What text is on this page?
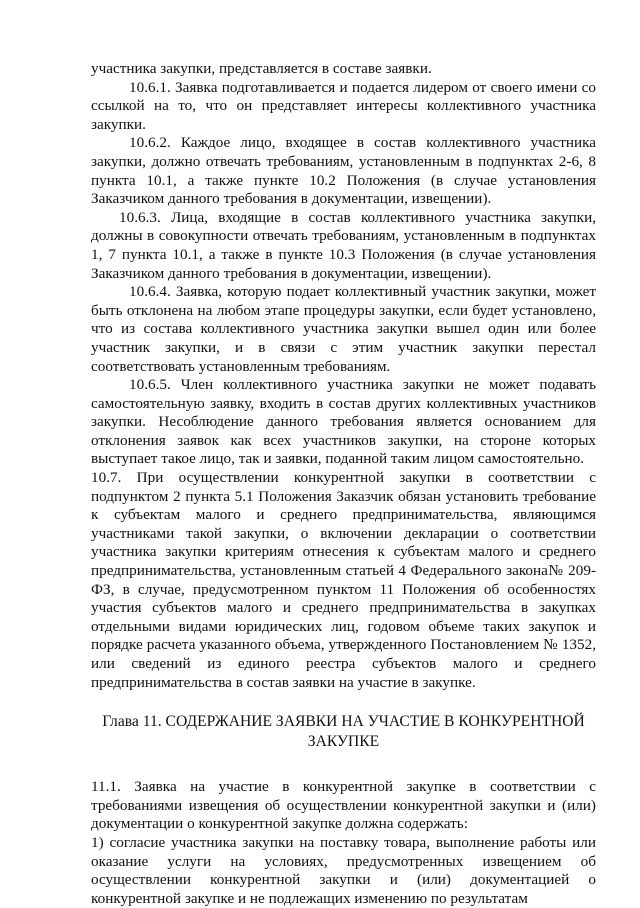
участника закупки, представляется в составе заявки.

10.6.1. Заявка подготавливается и подается лидером от своего имени со ссылкой на то, что он представляет интересы коллективного участника закупки.

10.6.2. Каждое лицо, входящее в состав коллективного участника закупки, должно отвечать требованиям, установленным в подпунктах 2-6, 8 пункта 10.1, а также пункте 10.2 Положения (в случае установления Заказчиком данного требования в документации, извещении).

10.6.3. Лица, входящие в состав коллективного участника закупки, должны в совокупности отвечать требованиям, установленным в подпунктах 1, 7 пункта 10.1, а также в пункте 10.3 Положения (в случае установления Заказчиком данного требования в документации, извещении).

10.6.4. Заявка, которую подает коллективный участник закупки, может быть отклонена на любом этапе процедуры закупки, если будет установлено, что из состава коллективного участника закупки вышел один или более участник закупки, и в связи с этим участник закупки перестал соответствовать установленным требованиям.

10.6.5. Член коллективного участника закупки не может подавать самостоятельную заявку, входить в состав других коллективных участников закупки. Несоблюдение данного требования является основанием для отклонения заявок как всех участников закупки, на стороне которых выступает такое лицо, так и заявки, поданной таким лицом самостоятельно.

10.7. При осуществлении конкурентной закупки в соответствии с подпунктом 2 пункта 5.1 Положения Заказчик обязан установить требование к субъектам малого и среднего предпринимательства, являющимся участниками такой закупки, о включении декларации о соответствии участника закупки критериям отнесения к субъектам малого и среднего предпринимательства, установленным статьей 4 Федерального закона№ 209-ФЗ, в случае, предусмотренном пунктом 11 Положения об особенностях участия субъектов малого и среднего предпринимательства в закупках отдельными видами юридических лиц, годовом объеме таких закупок и порядке расчета указанного объема, утвержденного Постановлением № 1352, или сведений из единого реестра субъектов малого и среднего предпринимательства в состав заявки на участие в закупке.

Глава 11. СОДЕРЖАНИЕ ЗАЯВКИ НА УЧАСТИЕ В КОНКУРЕНТНОЙ ЗАКУПКЕ

11.1. Заявка на участие в конкурентной закупке в соответствии с требованиями извещения об осуществлении конкурентной закупки и (или) документации о конкурентной закупке должна содержать:

1) согласие участника закупки на поставку товара, выполнение работы или оказание услуги на условиях, предусмотренных извещением об осуществлении конкурентной закупки и (или) документацией о конкурентной закупке и не подлежащих изменению по результатам
